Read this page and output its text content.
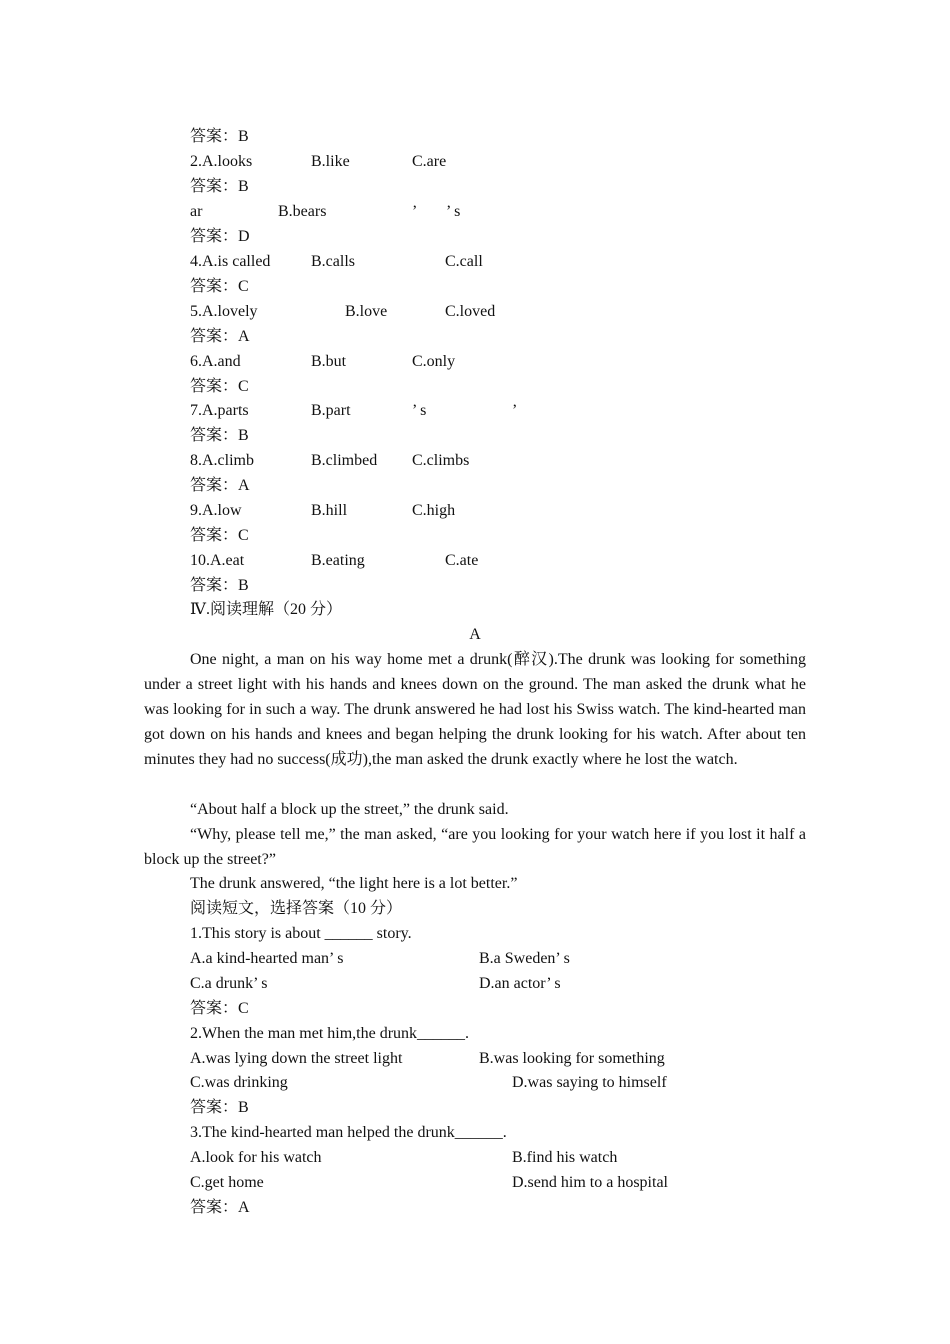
答案： B
2.A.looks	B.like	C.are
答案： B
ar	B.bears	’ ’ s
答案： D
4.A.is called	B.calls	C.call
答案： C
5.A.lovely	B.love	C.loved
答案： A
6.A.and	B.but	C.only
答案： C
7.A.parts	B.part	’ s	’
答案： B
8.A.climb	B.climbed C.climbs
答案： A
9.A.low	B.hill	C.high
答案： C
10.A.eat	B.eating	C.ate
答案： B
Ⅳ.阅读理解（20 分）
A

One night, a man on his way home met a drunk(醉汉).The drunk was looking for something under a street light with his hands and knees down on the ground. The man asked the drunk what he was looking for in such a way. The drunk answered he had lost his Swiss watch. The kind-hearted man got down on his hands and knees and began helping the drunk looking for his watch. After about ten minutes they had no success(成功),the man asked the drunk exactly where he lost the watch.

“About half a block up the street,” the drunk said.

“Why, please tell me,” the man asked, “are you looking for your watch here if you lost it half a block up the street?”

The drunk answered, “the light here is a lot better.”

阅读短文，选择答案（10 分）
1.This story is about ______ story.
A.a kind-hearted man’ s	B.a Sweden’ s
C.a drunk’ s	D.an actor’ s
答案： C
2.When the man met him,the drunk______.
A.was lying down the street light	B.was looking for something
C.was drinking	D.was saying to himself
答案： B
3.The kind-hearted man helped the drunk______.
A.look for his watch	B.find his watch
C.get home	D.send him to a hospital
答案： A
